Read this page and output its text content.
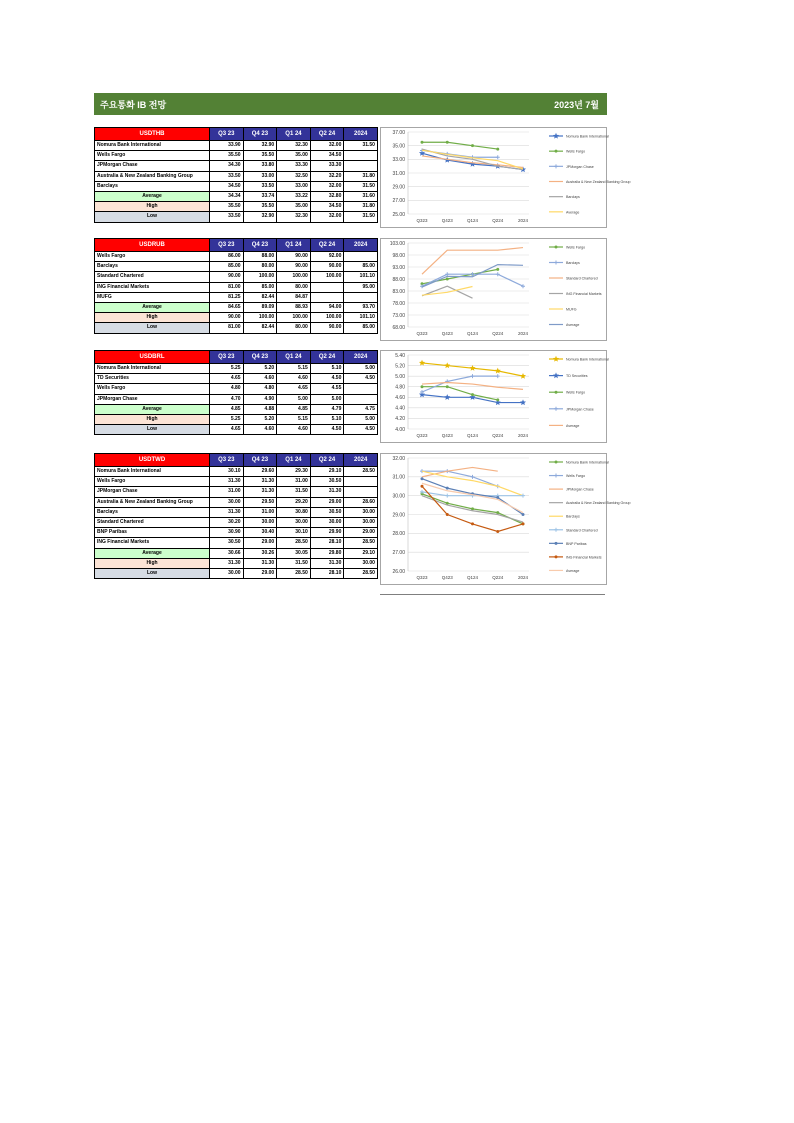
주요통화 IB 전망	2023년 7월
USDTHB	Q3 23	Q4 23	Q1 24	Q2 24	2024
Nomura Bank International	33.90	32.90	32.30	32.00	31.50
Wells Fargo	35.50	35.50	35.00	34.50	
JPMorgan Chase	34.30	33.80	33.30	33.30	
Australia & New Zealand Banking Group	33.50	33.00	32.50	32.20	31.80
Barclays	34.50	33.50	33.00	32.00	31.50
Average	34.34	33.74	33.22	32.80	31.60
High	35.50	35.50	35.00	34.50	31.80
Low	33.50	32.90	32.30	32.00	31.50
USDRUB	Q3 23	Q4 23	Q1 24	Q2 24	2024
Wells Fargo	86.00	88.00	90.00	92.00	
Barclays	85.00	80.00	90.00	90.00	85.00
Standard Chartered	90.00	100.00	100.00	100.00	101.10
ING Financial Markets	81.00	85.00	80.00		95.00
MUFG	81.25	82.44	84.87		
Average	84.65	89.09	88.93	94.00	93.70
High	90.00	100.00	100.00	100.00	101.10
Low	81.00	82.44	80.00	90.00	85.00
USDBRL	Q3 23	Q4 23	Q1 24	Q2 24	2024
Nomura Bank International	5.25	5.20	5.15	5.10	5.00
TD Securities	4.65	4.60	4.60	4.50	4.50
Wells Fargo	4.80	4.80	4.65	4.55	
JPMorgan Chase	4.70	4.90	5.00	5.00	
Average	4.85	4.88	4.85	4.79	4.75
High	5.25	5.20	5.15	5.10	5.00
Low	4.65	4.60	4.60	4.50	4.50
USDTWD	Q3 23	Q4 23	Q1 24	Q2 24	2024
Nomura Bank International	30.10	29.60	29.30	29.10	28.50
Wells Fargo	31.30	31.30	31.00	30.50	
JPMorgan Chase	31.00	31.30	31.50	31.30	
Australia & New Zealand Banking Group	30.00	29.50	29.20	29.00	28.60
Barclays	31.30	31.00	30.80	30.50	30.00
Standard Chartered	30.20	30.00	30.00	30.00	30.00
BNP Paribas	30.90	30.40	30.10	29.90	29.00
ING Financial Markets	30.50	29.00	28.50	28.10	28.50
Average	30.66	30.26	30.05	29.80	29.10
High	31.30	31.30	31.50	31.30	30.00
Low	30.00	29.00	28.50	28.10	28.50
37.00
35.00
33.00
31.00
29.00
27.00
25.00
Q323	Q423	Q124	Q224	2024
Nomura Bank International
Wells Fargo
JPMorgan Chase
Australia & New Zealand Banking Group
Barclays
Average
103.00
98.00
93.00
88.00
83.00
78.00
73.00
68.00
Q323	Q423	Q124	Q224	2024
Wells Fargo
Barclays
Standard Chartered
ING Financial Markets
MUFG
Average
5.40
5.20
5.00
4.80
4.60
4.40
4.20
4.00
Q323	Q423	Q124	Q224	2024
Nomura Bank International
TD Securities
Wells Fargo
JPMorgan Chase
Average
32.00
31.00
30.00
29.00
28.00
27.00
26.00
Q323	Q423	Q124	Q224	2024
Nomura Bank International
Wells Fargo
JPMorgan Chase
Australia & New Zealand Banking Group
Barclays
Standard Chartered
BNP Paribas
ING Financial Markets
Average
